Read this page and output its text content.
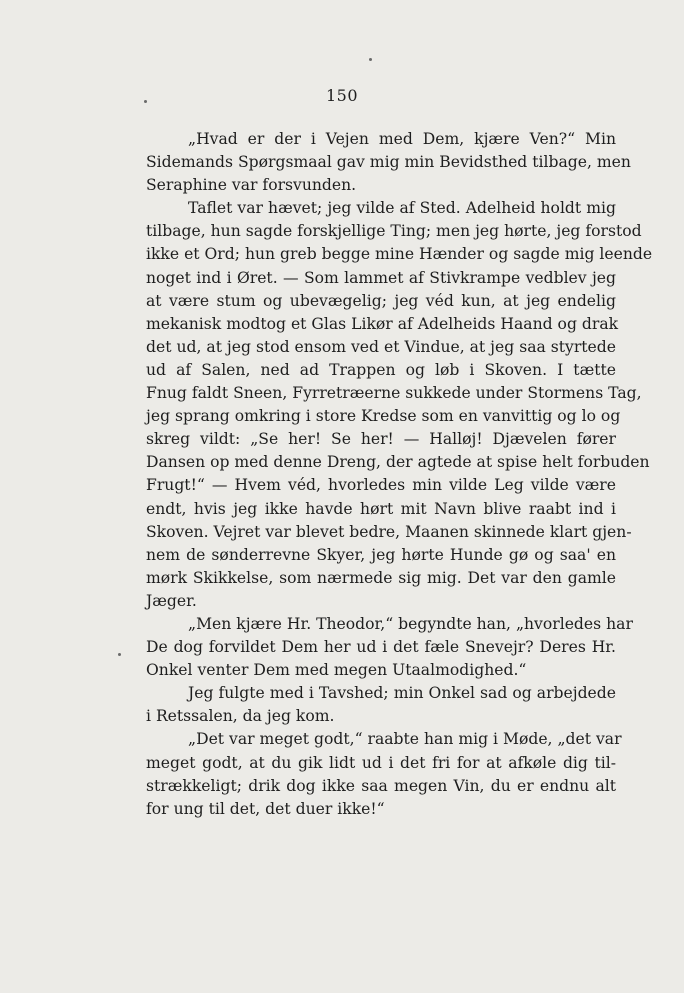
150
„Hvad er der i Vejen med Dem, kjære Ven?“ Min
Sidemands Spørgsmaal gav mig min Bevidsthed tilbage, men
Seraphine var forsvunden.
Taflet var hævet; jeg vilde af Sted. Adelheid holdt mig
tilbage, hun sagde forskjellige Ting; men jeg hørte, jeg forstod
ikke et Ord; hun greb begge mine Hænder og sagde mig leende
noget ind i Øret. — Som lammet af Stivkrampe vedblev jeg
at være stum og ubevægelig; jeg véd kun, at jeg endelig
mekanisk modtog et Glas Likør af Adelheids Haand og drak
det ud, at jeg stod ensom ved et Vindue, at jeg saa styrtede
ud af Salen, ned ad Trappen og løb i Skoven. I tætte
Fnug faldt Sneen, Fyrretræerne sukkede under Stormens Tag,
jeg sprang omkring i store Kredse som en vanvittig og lo og
skreg vildt: „Se her! Se her! — Halløj! Djævelen fører
Dansen op med denne Dreng, der agtede at spise helt forbuden
Frugt!“ — Hvem véd, hvorledes min vilde Leg vilde være
endt, hvis jeg ikke havde hørt mit Navn blive raabt ind i
Skoven. Vejret var blevet bedre, Maanen skinnede klart gjen-
nem de sønderrevne Skyer, jeg hørte Hunde gø og saa' en
mørk Skikkelse, som nærmede sig mig. Det var den gamle
Jæger.
„Men kjære Hr. Theodor,“ begyndte han, „hvorledes har
De dog forvildet Dem her ud i det fæle Snevejr? Deres Hr.
Onkel venter Dem med megen Utaalmodighed.“
Jeg fulgte med i Tavshed; min Onkel sad og arbejdede
i Retssalen, da jeg kom.
„Det var meget godt,“ raabte han mig i Møde, „det var
meget godt, at du gik lidt ud i det fri for at afkøle dig til-
strækkeligt; drik dog ikke saa megen Vin, du er endnu alt
for ung til det, det duer ikke!“
